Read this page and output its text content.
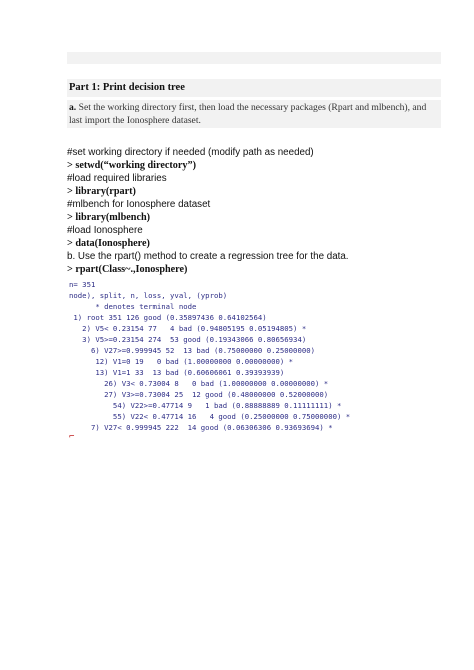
Part 1: Print decision tree
a. Set the working directory first, then load the necessary packages (Rpart and mlbench), and last import the Ionosphere dataset.
#set working directory if needed (modify path as needed)
> setwd(“working directory”)
#load required libraries
> library(rpart)
#mlbench for Ionosphere dataset
> library(mlbench)
#load Ionosphere
> data(Ionosphere)
b. Use the rpart() method to create a regression tree for the data.
> rpart(Class~.,Ionosphere)
n= 351
node), split, n, loss, yval, (yprob)
* denotes terminal node
1) root 351 126 good (0.35897436 0.64102564)
2) V5< 0.23154 77   4 bad (0.94805195 0.05194805) *
3) V5>=0.23154 274  53 good (0.19343066 0.80656934)
6) V27>=0.999945 52  13 bad (0.75000000 0.25000000)
12) V1=0 19   0 bad (1.00000000 0.00000000) *
13) V1=1 33  13 bad (0.60606061 0.39393939)
26) V3< 0.73004 8   0 bad (1.00000000 0.00000000) *
27) V3>=0.73004 25  12 good (0.48000000 0.52000000)
54) V22>=0.47714 9   1 bad (0.88888889 0.11111111) *
55) V22< 0.47714 16   4 good (0.25000000 0.75000000) *
7) V27< 0.999945 222  14 good (0.06306306 0.93693694) *
⌐
